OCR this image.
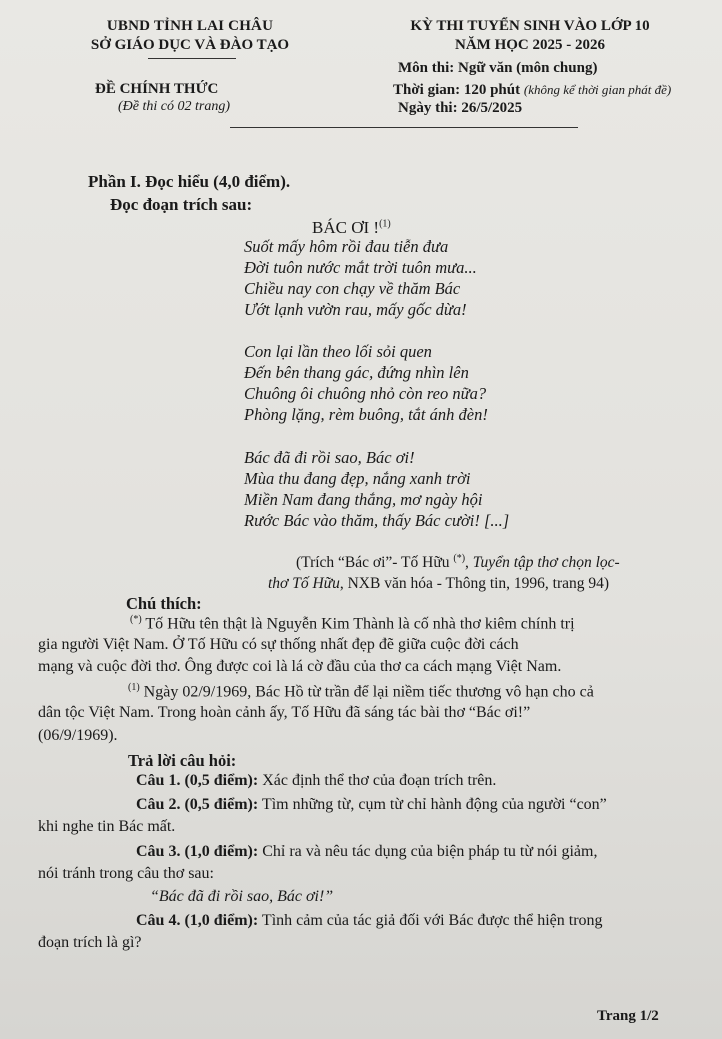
UBND TỈNH LAI CHÂU
SỞ GIÁO DỤC VÀ ĐÀO TẠO
ĐỀ CHÍNH THỨC
(Đề thi có 02 trang)
KỲ THI TUYỂN SINH VÀO LỚP 10
NĂM HỌC 2025 - 2026
Môn thi: Ngữ văn (môn chung)
Thời gian: 120 phút (không kể thời gian phát đề)
Ngày thi: 26/5/2025
Phần I. Đọc hiểu (4,0 điểm).
Đọc đoạn trích sau:
BÁC ƠI !$^{(1)}$
Suốt mấy hôm rồi đau tiễn đưa
Đời tuôn nước mắt trời tuôn mưa...
Chiều nay con chạy về thăm Bác
Ướt lạnh vườn rau, mấy gốc dừa!
Con lại lần theo lối sỏi quen
Đến bên thang gác, đứng nhìn lên
Chuông ôi chuông nhỏ còn reo nữa?
Phòng lặng, rèm buông, tắt ánh đèn!
Bác đã đi rồi sao, Bác ơi!
Mùa thu đang đẹp, nắng xanh trời
Miền Nam đang thắng, mơ ngày hội
Rước Bác vào thăm, thấy Bác cười! [...]
(Trích “Bác ơi”- Tố Hữu (*), Tuyển tập thơ chọn lọc-
thơ Tố Hữu, NXB văn hóa - Thông tin, 1996, trang 94)
Chú thích:
(*) Tố Hữu tên thật là Nguyễn Kim Thành là cố nhà thơ kiêm chính trị
gia người Việt Nam. Ở Tố Hữu có sự thống nhất đẹp đẽ giữa cuộc đời cách
mạng và cuộc đời thơ. Ông được coi là lá cờ đầu của thơ ca cách mạng Việt Nam.
$^{(1)}$ Ngày 02/9/1969, Bác Hồ từ trần để lại niềm tiếc thương vô hạn cho cả
dân tộc Việt Nam. Trong hoàn cảnh ấy, Tố Hữu đã sáng tác bài thơ “Bác ơi!”
(06/9/1969).
Trả lời câu hỏi:
Câu 1. (0,5 điểm): Xác định thể thơ của đoạn trích trên.
Câu 2. (0,5 điểm): Tìm những từ, cụm từ chỉ hành động của người “con”
khi nghe tin Bác mất.
Câu 3. (1,0 điểm): Chỉ ra và nêu tác dụng của biện pháp tu từ nói giảm,
nói tránh trong câu thơ sau:
“Bác đã đi rồi sao, Bác ơi!”
Câu 4. (1,0 điểm): Tình cảm của tác giả đối với Bác được thể hiện trong
đoạn trích là gì?
Trang 1/2
